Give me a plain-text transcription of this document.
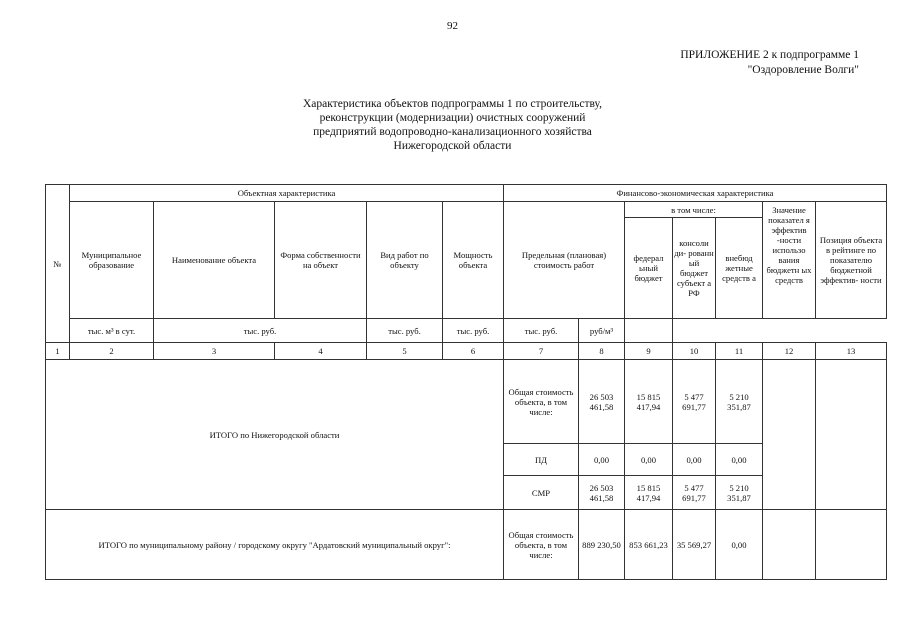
92
ПРИЛОЖЕНИЕ 2 к подпрограмме 1
"Оздоровление Волги"
Характеристика объектов подпрограммы 1 по строительству,
реконструкции (модернизации) очистных сооружений
предприятий водопроводно-канализационного хозяйства
Нижегородской области
№	Объектная характеристика					Финансово-экономическая характеристика						
	Муниципальное образование	Наименование объекта	Форма собственности на объект	Вид работ по объекту	Мощность объекта	Предельная (плановая) стоимость работ		в том числе:			Значение показател я эффектив -ности использо вания бюджетн ых средств	Позиция объекта в рейтинге по показателю бюджетной эффектив- ности
								федерал ьный бюджет	консоли ди- рованн ый бюджет субъект а РФ	внебюд жетные средств а		
	тыс. м³ в сут.	тыс. руб.		тыс. руб.	тыс. руб.	тыс. руб.	руб/м³					
1	2	3	4	5	6	7	8	9	10	11	12	13
ИТОГО по Нижегородской области						Общая стоимость объекта, в том числе:	26 503 461,58	15 815 417,94	5 477 691,77	5 210 351,87		
						ПД	0,00	0,00	0,00	0,00		
						СМР	26 503 461,58	15 815 417,94	5 477 691,77	5 210 351,87		
ИТОГО по муниципальному району / городскому округу "Ардатовский муниципальный округ":						Общая стоимость объекта, в том числе:	889 230,50	853 661,23	35 569,27	0,00		
